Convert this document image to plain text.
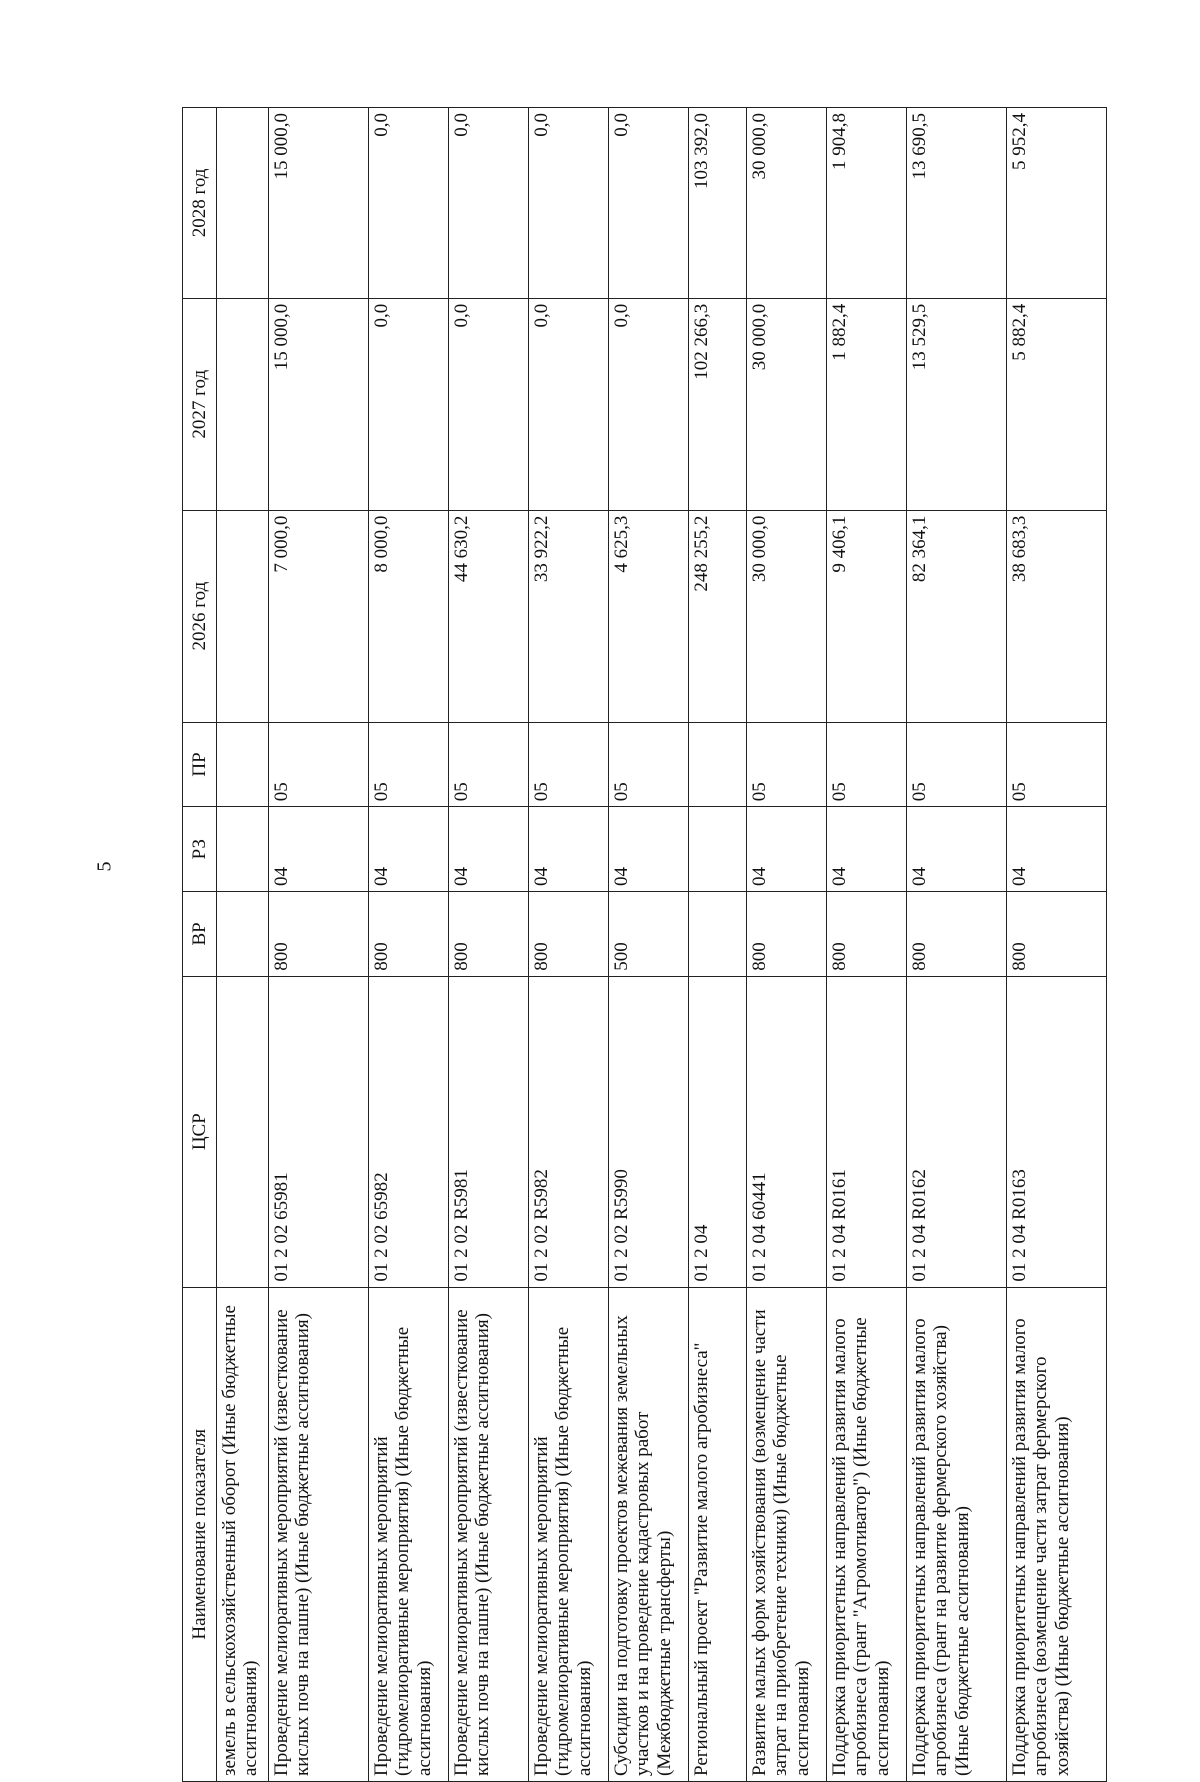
5
Наименование показателя	ЦСР	ВР	РЗ	ПР	2026 год	2027 год	2028 год
земель в сельскохозяйственный оборот (Иные бюджетные ассигнования)							
Проведение мелиоративных мероприятий (известкование кислых почв на пашне) (Иные бюджетные ассигнования)	01 2 02 65981	800	04	05	7 000,0	15 000,0	15 000,0
Проведение мелиоративных мероприятий (гидромелиоративные мероприятия) (Иные бюджетные ассигнования)	01 2 02 65982	800	04	05	8 000,0	0,0	0,0
Проведение мелиоративных мероприятий (известкование кислых почв на пашне) (Иные бюджетные ассигнования)	01 2 02 R5981	800	04	05	44 630,2	0,0	0,0
Проведение мелиоративных мероприятий (гидромелиоративные мероприятия) (Иные бюджетные ассигнования)	01 2 02 R5982	800	04	05	33 922,2	0,0	0,0
Субсидии на подготовку проектов межевания земельных участков и на проведение кадастровых работ (Межбюджетные трансферты)	01 2 02 R5990	500	04	05	4 625,3	0,0	0,0
Региональный проект "Развитие малого агробизнеса"	01 2 04				248 255,2	102 266,3	103 392,0
Развитие малых форм хозяйствования (возмещение части затрат на приобретение техники) (Иные бюджетные ассигнования)	01 2 04 60441	800	04	05	30 000,0	30 000,0	30 000,0
Поддержка приоритетных направлений развития малого агробизнеса (грант "Агромотиватор") (Иные бюджетные ассигнования)	01 2 04 R0161	800	04	05	9 406,1	1 882,4	1 904,8
Поддержка приоритетных направлений развития малого агробизнеса (грант на развитие фермерского хозяйства) (Иные бюджетные ассигнования)	01 2 04 R0162	800	04	05	82 364,1	13 529,5	13 690,5
Поддержка приоритетных направлений развития малого агробизнеса (возмещение части затрат фермерского хозяйства) (Иные бюджетные ассигнования)	01 2 04 R0163	800	04	05	38 683,3	5 882,4	5 952,4
